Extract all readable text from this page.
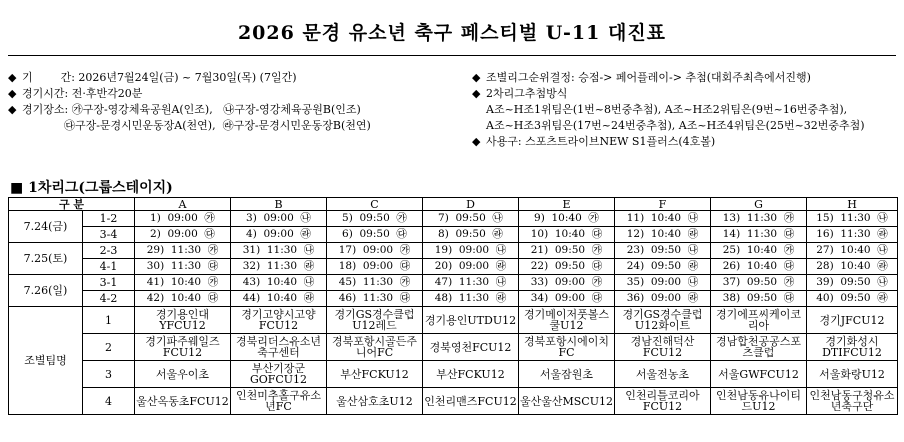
2026 문경 유소년 축구 페스티벌 U-11 대진표
◆ 기        간: 2026년7월24일(금) ~ 7월30일(목) (7일간)
◆ 경기시간: 전·후반각20분
◆ 경기장소: ㉮구장-영강체육공원A(인조),   ㉯구장-영강체육공원B(인조)
㉰구장-문경시민운동장A(천연),  ㉱구장-문경시민운동장B(천연)
◆ 조별리그순위결정: 승점-> 페어플레이-> 추첨(대회주최측에서진행)
◆ 2차리그추첨방식
A조~H조1위팀은(1번~8번중추첨), A조~H조2위팀은(9번~16번중추첨),
A조~H조3위팀은(17번~24번중추첨), A조~H조4위팀은(25번~32번중추첨)
◆ 사용구: 스포츠트라이브NEW S1플러스(4호볼)
■ 1차리그(그룹스테이지)
구 분		A	B	C	D	E	F	G	H
7.24(금)	1-2	1)  09:00  ㉮	3)  09:00  ㉯	5)  09:50  ㉮	7)  09:50  ㉯	9)  10:40  ㉮	11)  10:40  ㉯	13)  11:30  ㉮	15)  11:30  ㉯
	3-4	2)  09:00  ㉰	4)  09:00  ㉱	6)  09:50  ㉰	8)  09:50  ㉱	10)  10:40  ㉰	12)  10:40  ㉱	14)  11:30  ㉰	16)  11:30  ㉱
7.25(토)	2-3	29)  11:30  ㉮	31)  11:30  ㉯	17)  09:00  ㉮	19)  09:00  ㉯	21)  09:50  ㉮	23)  09:50  ㉯	25)  10:40  ㉮	27)  10:40  ㉯
	4-1	30)  11:30  ㉰	32)  11:30  ㉱	18)  09:00  ㉰	20)  09:00  ㉱	22)  09:50  ㉰	24)  09:50  ㉱	26)  10:40  ㉰	28)  10:40  ㉱
7.26(일)	3-1	41)  10:40  ㉮	43)  10:40  ㉯	45)  11:30  ㉮	47)  11:30  ㉯	33)  09:00  ㉮	35)  09:00  ㉯	37)  09:50  ㉮	39)  09:50  ㉯
	4-2	42)  10:40  ㉰	44)  10:40  ㉱	46)  11:30  ㉰	48)  11:30  ㉱	34)  09:00  ㉰	36)  09:00  ㉱	38)  09:50  ㉰	40)  09:50  ㉱
조별팀명	1	경기용인대YFCU12	경기고양시고양FCU12	경기GS경수클럽U12레드	경기용인UTDU12	경기메이저풋볼스쿨U12	경기GS경수클럽U12화이트	경기에프씨케이코리아	경기JFCU12
	2	경기파주웨일즈FCU12	경북리더스유소년축구센터	경북포항시골든주니어FC	경북영천FCU12	경북포항시에이치FC	경남진해덕산FCU12	경남합천공공스포츠클럽	경기화성시DTIFCU12
	3	서울우이초	부산기장군GOFCU12	부산FCKU12	부산FCKU12	서울잠원초	서울전농초	서울GWFCU12	서울화랑U12
	4	울산옥동초FCU12	인천미추홀구유소년FC	울산삼호초U12	인천리맨즈FCU12	울산울산MSCU12	인천리틀코리아FCU12	인천남동유나이티드U12	인천남동구청유소년축구단
